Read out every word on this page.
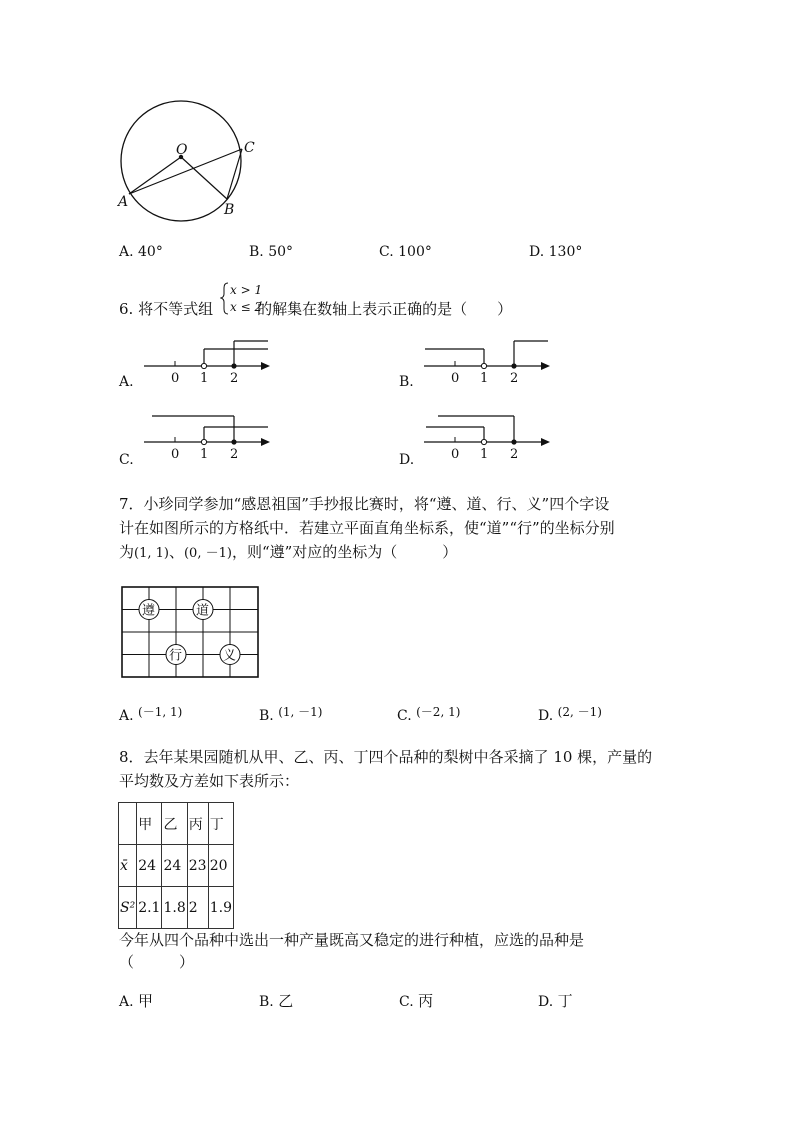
O
A	B
C
A. 40°	B. 50°	C. 100°	D. 130°
6. 将不等式组	的解集在数轴上表示正确的是（　　）
x > 1
x ≤ 2
A.	0 1 2	B.	0 1 2
C.	0 1 2	D.	0 1 2
7．小珍同学参加“感恩祖国”手抄报比赛时，将“遵、道、行、义”四个字设
计在如图所示的方格纸中．若建立平面直角坐标系，使“道”“行”的坐标分别
为(1, 1)、(0, －1)，则“遵”对应的坐标为（　　　）
遵	道
行	义
A. (－1, 1)	B. (1, －1)	C. (－2, 1)	D. (2, －1)
8．去年某果园随机从甲、乙、丙、丁四个品种的梨树中各采摘了 10 棵，产量的
平均数及方差如下表所示：
	甲	乙	丙	丁
x̄	24	24	23	20
S²	2.1	1.8	2	1.9
今年从四个品种中选出一种产量既高又稳定的进行种植，应选的品种是
（　　　）
A. 甲	B. 乙	C. 丙	D. 丁
